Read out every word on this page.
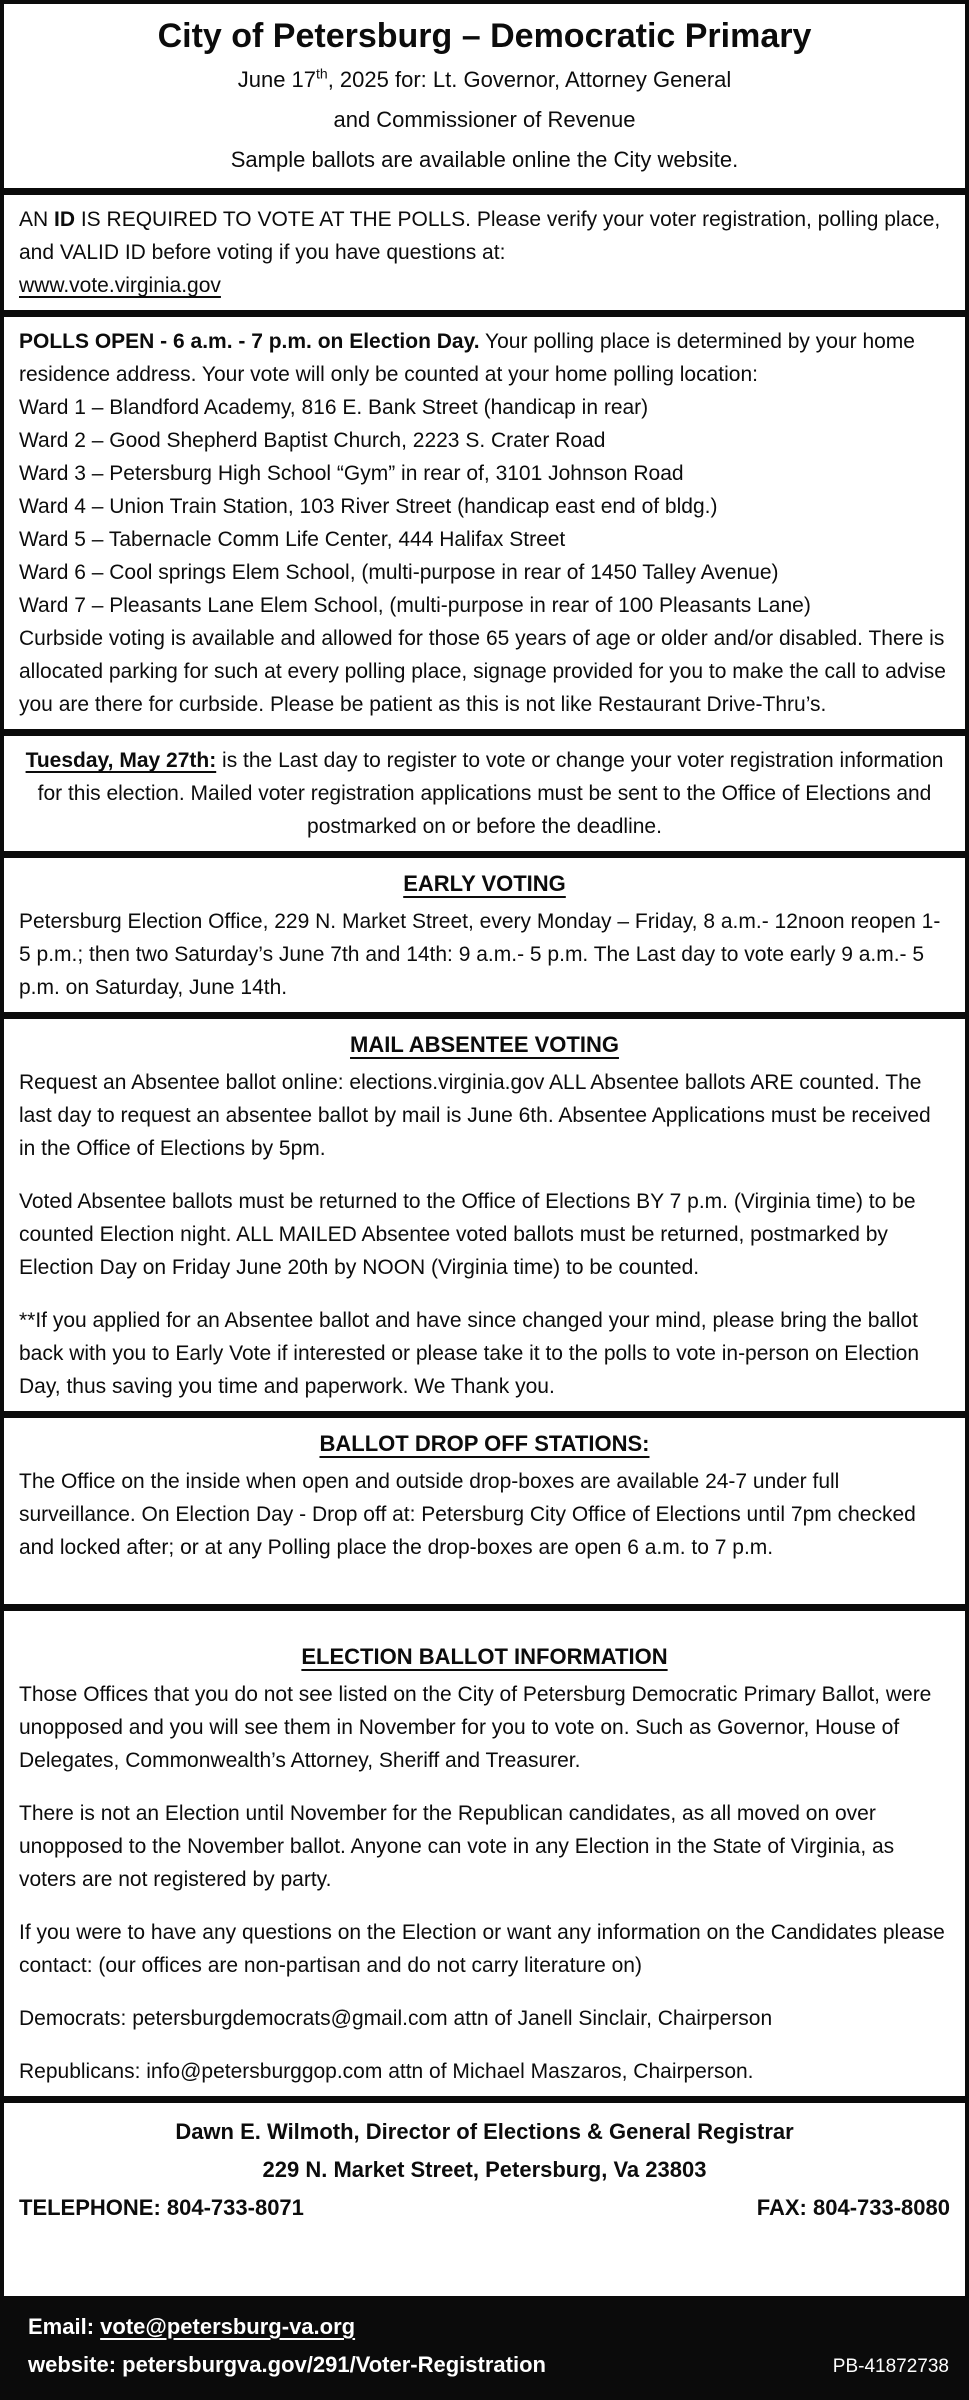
City of Petersburg – Democratic Primary
June 17th, 2025 for: Lt. Governor, Attorney General
and Commissioner of Revenue
Sample ballots are available online the City website.

AN ID IS REQUIRED TO VOTE AT THE POLLS. Please verify your voter registration, polling place, and VALID ID before voting if you have questions at:

www.vote.virginia.gov

POLLS OPEN - 6 a.m. - 7 p.m. on Election Day. Your polling place is determined by your home residence address. Your vote will only be counted at your home polling location:

Ward 1 – Blandford Academy, 816 E. Bank Street (handicap in rear)
Ward 2 – Good Shepherd Baptist Church, 2223 S. Crater Road
Ward 3 – Petersburg High School “Gym” in rear of, 3101 Johnson Road
Ward 4 – Union Train Station, 103 River Street (handicap east end of bldg.)
Ward 5 – Tabernacle Comm Life Center, 444 Halifax Street
Ward 6 – Cool springs Elem School, (multi-purpose in rear of 1450 Talley Avenue)
Ward 7 – Pleasants Lane Elem School, (multi-purpose in rear of 100 Pleasants Lane)

Curbside voting is available and allowed for those 65 years of age or older and/or disabled. There is allocated parking for such at every polling place, signage provided for you to make the call to advise you are there for curbside. Please be patient as this is not like Restaurant Drive-Thru’s.

Tuesday, May 27th: is the Last day to register to vote or change your voter registration information for this election. Mailed voter registration applications must be sent to the Office of Elections and postmarked on or before the deadline.

EARLY VOTING

Petersburg Election Office, 229 N. Market Street, every Monday – Friday, 8 a.m.- 12noon reopen 1-5 p.m.; then two Saturday’s June 7th and 14th: 9 a.m.- 5 p.m. The Last day to vote early 9 a.m.- 5 p.m. on Saturday, June 14th.

MAIL ABSENTEE VOTING

Request an Absentee ballot online: elections.virginia.gov ALL Absentee ballots ARE counted. The last day to request an absentee ballot by mail is June 6th. Absentee Applications must be received in the Office of Elections by 5pm.

Voted Absentee ballots must be returned to the Office of Elections BY 7 p.m. (Virginia time) to be counted Election night. ALL MAILED Absentee voted ballots must be returned, postmarked by Election Day on Friday June 20th by NOON (Virginia time) to be counted.

**If you applied for an Absentee ballot and have since changed your mind, please bring the ballot back with you to Early Vote if interested or please take it to the polls to vote in-person on Election Day, thus saving you time and paperwork. We Thank you.

BALLOT DROP OFF STATIONS:

The Office on the inside when open and outside drop-boxes are available 24-7 under full surveillance. On Election Day - Drop off at: Petersburg City Office of Elections until 7pm checked and locked after; or at any Polling place the drop-boxes are open 6 a.m. to 7 p.m.

ELECTION BALLOT INFORMATION

Those Offices that you do not see listed on the City of Petersburg Democratic Primary Ballot, were unopposed and you will see them in November for you to vote on. Such as Governor, House of Delegates, Commonwealth’s Attorney, Sheriff and Treasurer.

There is not an Election until November for the Republican candidates, as all moved on over unopposed to the November ballot. Anyone can vote in any Election in the State of Virginia, as voters are not registered by party.

If you were to have any questions on the Election or want any information on the Candidates please contact: (our offices are non-partisan and do not carry literature on)

Democrats: petersburgdemocrats@gmail.com attn of Janell Sinclair, Chairperson

Republicans: info@petersburggop.com attn of Michael Maszaros, Chairperson.

Dawn E. Wilmoth, Director of Elections & General Registrar
229 N. Market Street, Petersburg, Va 23803
TELEPHONE: 804-733-8071	FAX: 804-733-8080
Email: vote@petersburg-va.org
website: petersburgva.gov/291/Voter-Registration	PB-41872738
